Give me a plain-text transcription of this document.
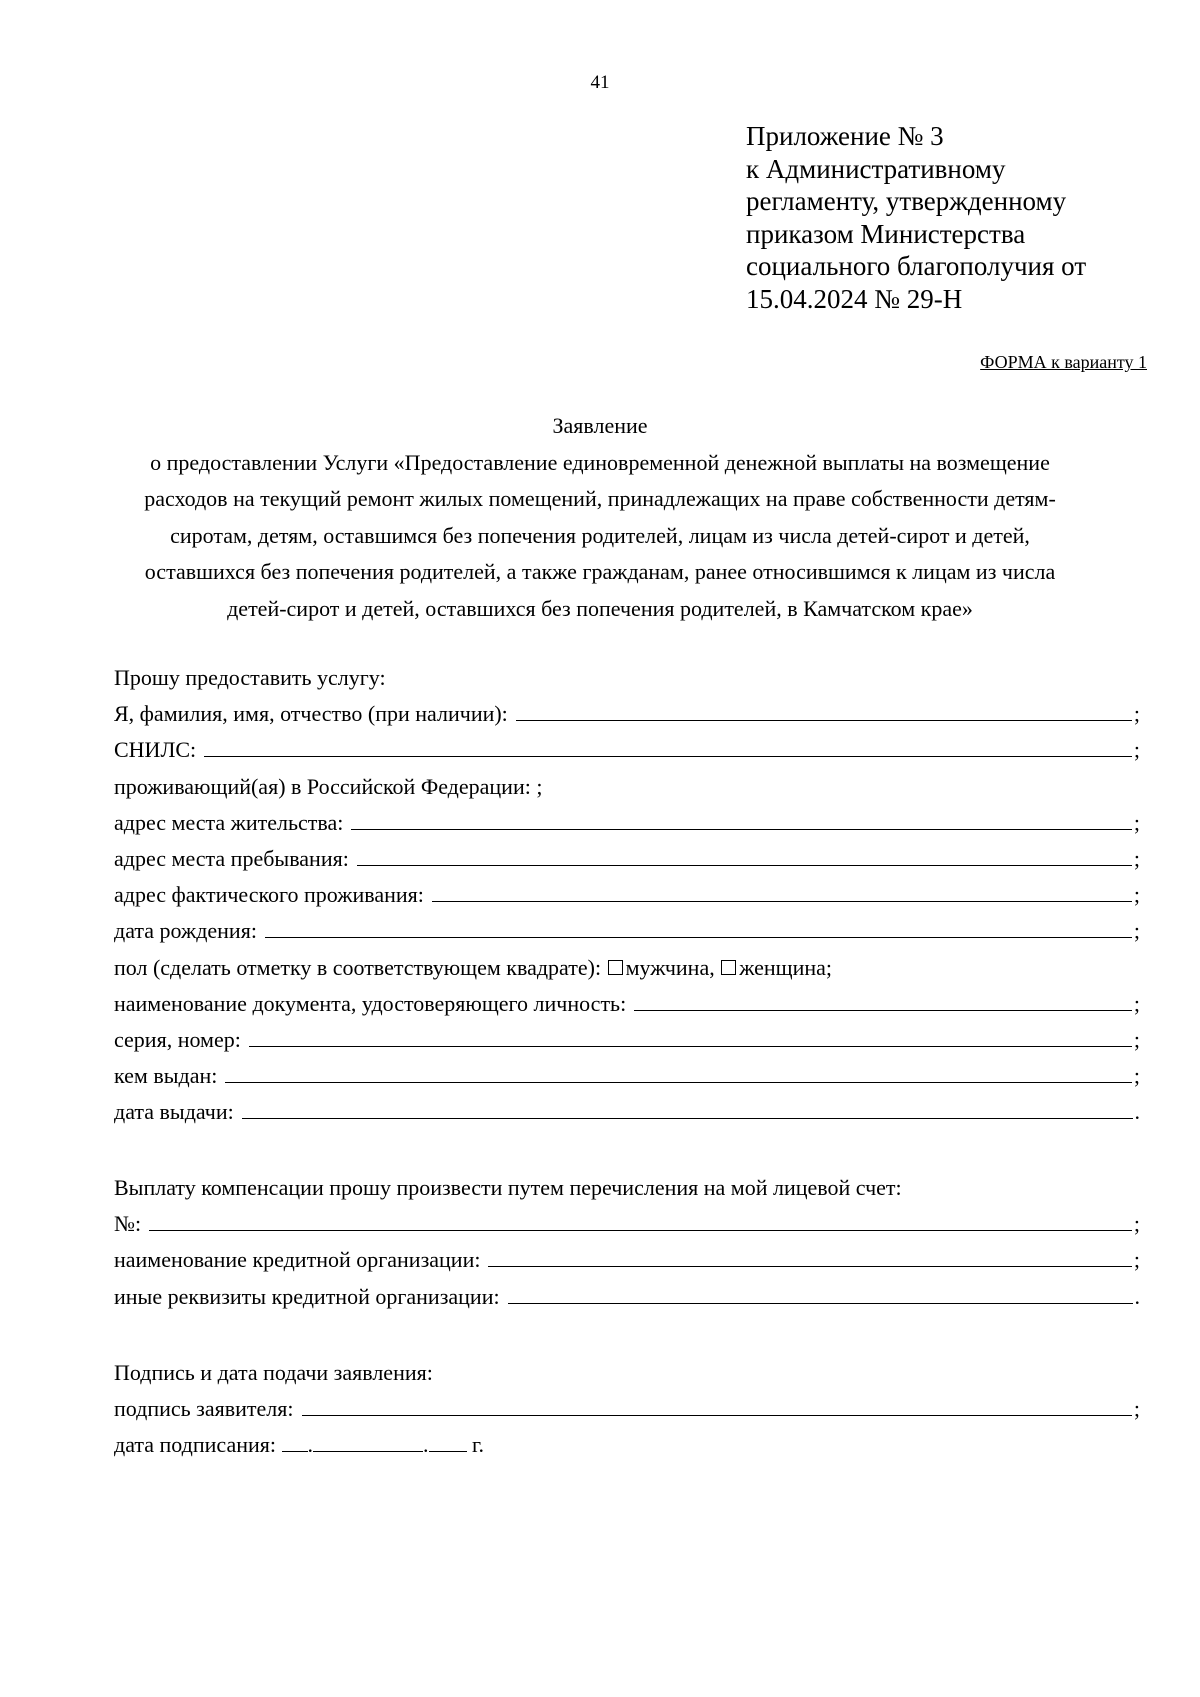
41
Приложение № 3
к Административному
регламенту, утвержденному
приказом Министерства
социального благополучия от
15.04.2024 № 29-Н
ФОРМА к варианту 1
Заявление
о предоставлении Услуги «Предоставление единовременной денежной выплаты на возмещение
расходов на текущий ремонт жилых помещений, принадлежащих на праве собственности детям-
сиротам, детям, оставшимся без попечения родителей, лицам из числа детей-сирот и детей,
оставшихся без попечения родителей, а также гражданам, ранее относившимся к лицам из числа
детей-сирот и детей, оставшихся без попечения родителей, в Камчатском крае»
Прошу предоставить услугу:
Я, фамилия, имя, отчество (при наличии):	;
СНИЛС:	;
проживающий(ая) в Российской Федерации: ;
адрес места жительства:	;
адрес места пребывания:	;
адрес фактического проживания:	;
дата рождения:	;
пол (сделать отметку в соответствующем квадрате):
мужчина,
женщина;
наименование документа, удостоверяющего личность:	;
серия, номер:	;
кем выдан:	;
дата выдачи:	.
Выплату компенсации прошу произвести путем перечисления на мой лицевой счет:
№:	;
наименование кредитной организации:	;
иные реквизиты кредитной организации:	.
Подпись и дата подачи заявления:
подпись заявителя:	;
дата подписания:
.	.
г.
